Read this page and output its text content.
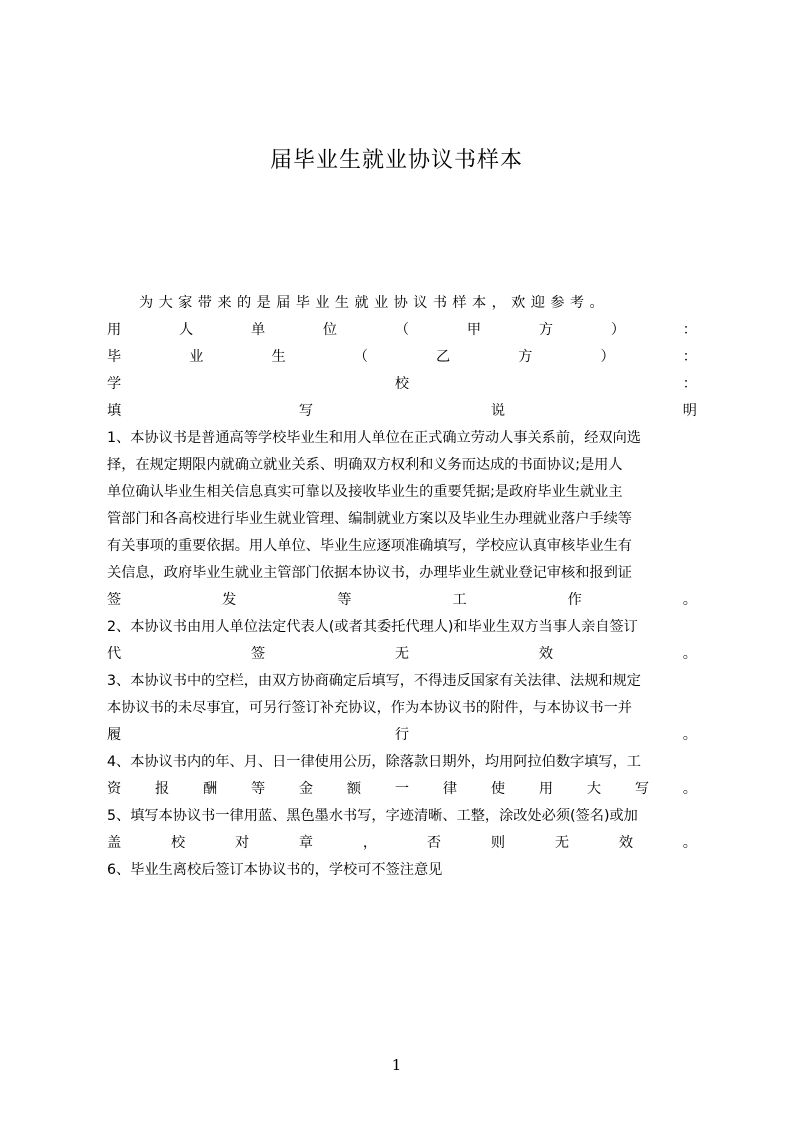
届毕业生就业协议书样本
为大家带来的是届毕业生就业协议书样本，欢迎参考。
用 人 单 位 （ 甲 方 ） ：
毕 业 生 （ 乙 方 ） ：
学 校 ：
填 写 说 明
1、本协议书是普通高等学校毕业生和用人单位在正式确立劳动人事关系前，经双向选
择，在规定期限内就确立就业关系、明确双方权利和义务而达成的书面协议;是用人
单位确认毕业生相关信息真实可靠以及接收毕业生的重要凭据;是政府毕业生就业主
管部门和各高校进行毕业生就业管理、编制就业方案以及毕业生办理就业落户手续等
有关事项的重要依据。用人单位、毕业生应逐项准确填写，学校应认真审核毕业生有
关信息，政府毕业生就业主管部门依据本协议书，办理毕业生就业登记审核和报到证
签 发 等 工 作 。
2、本协议书由用人单位法定代表人(或者其委托代理人)和毕业生双方当事人亲自签订
代 签 无 效 。
3、本协议书中的空栏，由双方协商确定后填写，不得违反国家有关法律、法规和规定
本协议书的未尽事宜，可另行签订补充协议，作为本协议书的附件，与本协议书一并
履 行 。
4、本协议书内的年、月、日一律使用公历，除落款日期外，均用阿拉伯数字填写，工
资 报 酬 等 金 额 一 律 使 用 大 写 。
5、填写本协议书一律用蓝、黑色墨水书写，字迹清晰、工整，涂改处必须(签名)或加
盖 校 对 章 ， 否 则 无 效 。
6、毕业生离校后签订本协议书的，学校可不签注意见
1
